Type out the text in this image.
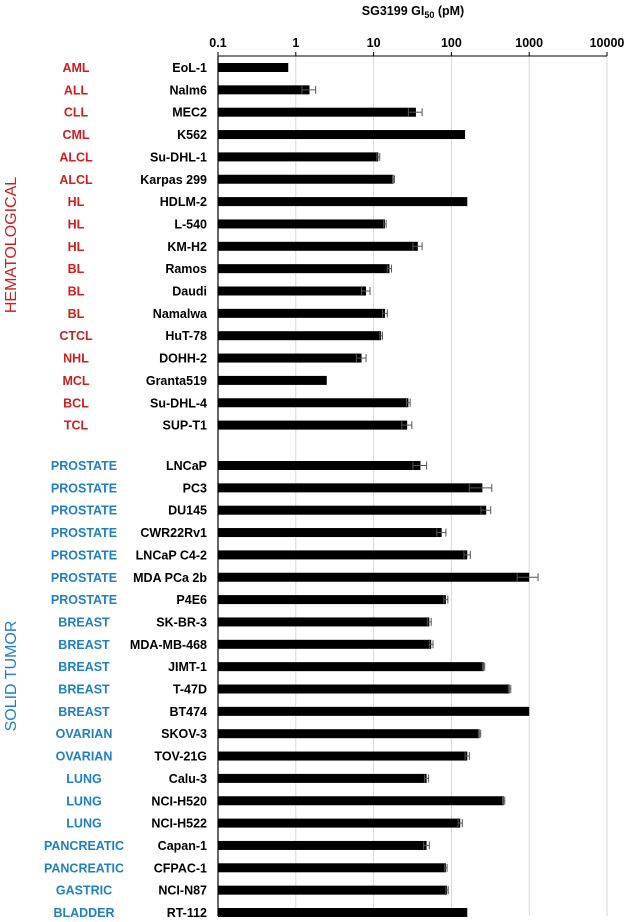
SG3199 $GI_{50}$ (pM)
0.1	1	10	100	1000	10000
AML	EoL-1
ALL	Nalm6
CLL	MEC2
CML	K562
ALCL	Su-DHL-1
ALCL	Karpas 299
HL	HDLM-2
HL	L-540
HL	KM-H2
BL	Ramos
BL	Daudi
BL	Namalwa
CTCL	HuT-78
NHL	DOHH-2
MCL	Granta519
BCL	Su-DHL-4
TCL	SUP-T1
PROSTATE	LNCaP
PROSTATE	PC3
PROSTATE	DU145
PROSTATE CWR22Rv1
PROSTATE LNCaP C4-2
PROSTATE MDA PCa 2b
PROSTATE	P4E6
BREAST	SK-BR-3
BREAST MDA-MB-468
BREAST	JIMT-1
BREAST	T-47D
BREAST	BT474
OVARIAN	SKOV-3
OVARIAN	TOV-21G
LUNG	Calu-3
LUNG	NCI-H520
LUNG	NCI-H522
PANCREATIC	Capan-1
PANCREATIC CFPAC-1
GASTRIC	NCI-N87
BLADDER	RT-112
HEMATOLOGICAL
SOLID TUMOR
